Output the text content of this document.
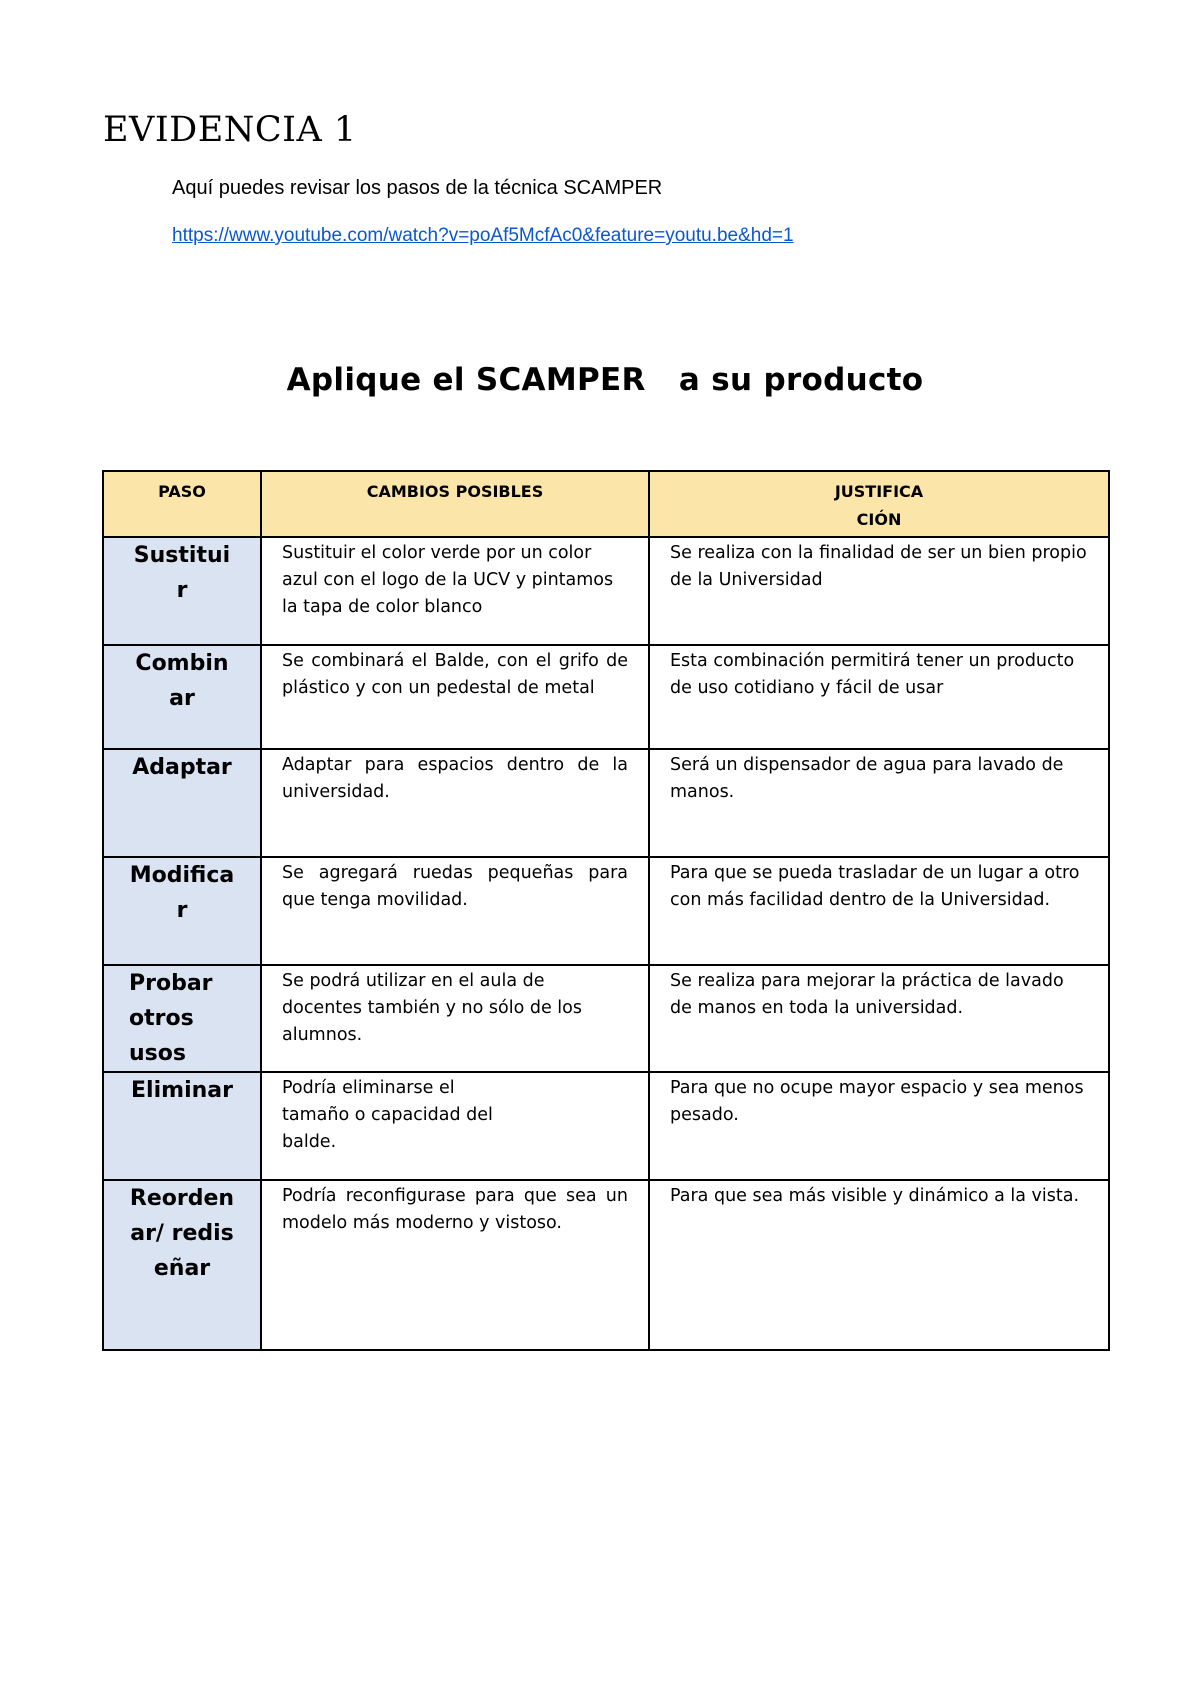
EVIDENCIA 1

Aquí puedes revisar los pasos de la técnica SCAMPER

https://www.youtube.com/watch?v=poAf5McfAc0&feature=youtu.be&hd=1
Aplique el SCAMPER   a su producto
PASO	CAMBIOS POSIBLES	JUSTIFICACIÓN
Sustituir	Sustituir el color verde por un color azul con el logo de la UCV y pintamos la tapa de color blanco	Se realiza con la finalidad de ser un bien propio de la Universidad
Combinar	Se combinará el Balde, con el grifo de plástico y con un pedestal de metal	Esta combinación permitirá tener un producto de uso cotidiano y fácil de usar
Adaptar	Adaptar para espacios dentro de la universidad.	Será un dispensador de agua para lavado de manos.
Modificar	Se agregará ruedas pequeñas para que tenga movilidad.	Para que se pueda trasladar de un lugar a otro con más facilidad dentro de la Universidad.
Probar otros usos	Se podrá utilizar en el aula de docentes también y no sólo de los alumnos.	Se realiza para mejorar la práctica de lavado de manos en toda la universidad.
Eliminar	Podría eliminarse el tamaño o capacidad del balde.	Para que no ocupe mayor espacio y sea menos pesado.
Reordenar/ rediseñar	Podría reconfigurase para que sea un modelo más moderno y vistoso.	Para que sea más visible y dinámico a la vista.
